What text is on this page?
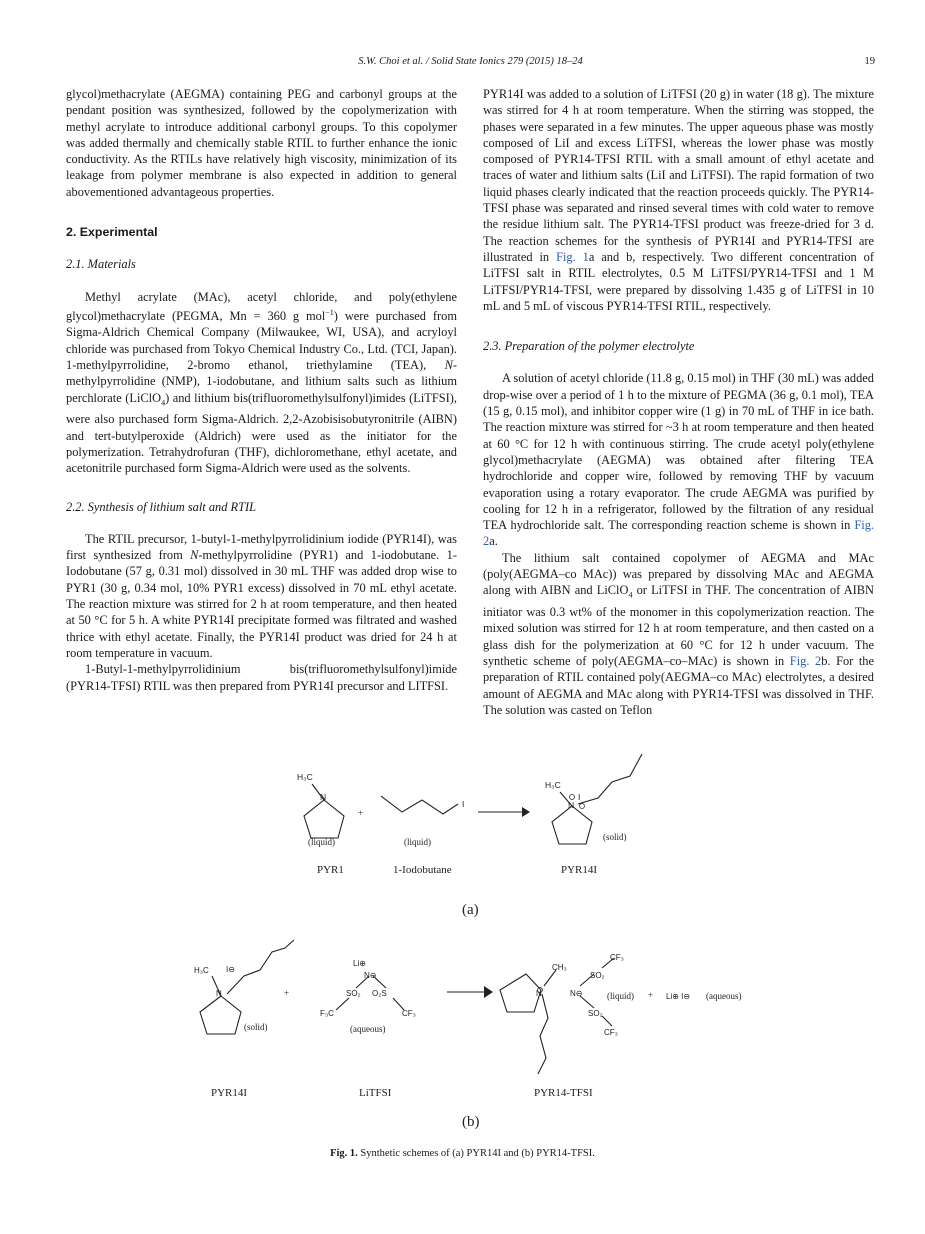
S.W. Choi et al. / Solid State Ionics 279 (2015) 18–24	19

glycol)methacrylate (AEGMA) containing PEG and carbonyl groups at the pendant position was synthesized, followed by the copolymerization with methyl acrylate to introduce additional carbonyl groups. To this copolymer was added thermally and chemically stable RTIL to further enhance the ionic conductivity. As the RTILs have relatively high viscosity, minimization of its leakage from polymer membrane is also expected in addition to general abovementioned advantageous properties.

2. Experimental
2.1. Materials

Methyl acrylate (MAc), acetyl chloride, and poly(ethylene glycol)methacrylate (PEGMA, Mn = 360 g mol$^{-1}$) were purchased from Sigma-Aldrich Chemical Company (Milwaukee, WI, USA), and acryloyl chloride was purchased from Tokyo Chemical Industry Co., Ltd. (TCI, Japan). 1-methylpyrrolidine, 2-bromo ethanol, triethylamine (TEA), N-methylpyrrolidine (NMP), 1-iodobutane, and lithium salts such as lithium perchlorate (LiClO$_4$) and lithium bis(trifluoromethylsulfonyl)imides (LiTFSI), were also purchased form Sigma-Aldrich. 2,2-Azobisisobutyronitrile (AIBN) and tert-butylperoxide (Aldrich) were used as the initiator for the polymerization. Tetrahydrofuran (THF), dichloromethane, ethyl acetate, and acetonitrile purchased form Sigma-Aldrich were used as the solvents.

2.2. Synthesis of lithium salt and RTIL

The RTIL precursor, 1-butyl-1-methylpyrrolidinium iodide (PYR14I), was first synthesized from N-methylpyrrolidine (PYR1) and 1-iodobutane. 1-Iodobutane (57 g, 0.31 mol) dissolved in 30 mL THF was added drop wise to PYR1 (30 g, 0.34 mol, 10% PYR1 excess) dissolved in 70 mL ethyl acetate. The reaction mixture was stirred for 2 h at room temperature, and then heated at 50 °C for 5 h. A white PYR14I precipitate formed was filtrated and washed thrice with ethyl acetate. Finally, the PYR14I product was dried for 24 h at room temperature in vacuum.

1-Butyl-1-methylpyrrolidinium bis(trifluoromethylsulfonyl)imide (PYR14-TFSI) RTIL was then prepared from PYR14I precursor and LITFSI.

PYR14I was added to a solution of LiTFSI (20 g) in water (18 g). The mixture was stirred for 4 h at room temperature. When the stirring was stopped, the phases were separated in a few minutes. The upper aqueous phase was mostly composed of LiI and excess LiTFSI, whereas the lower phase was mostly composed of PYR14-TFSI RTIL with a small amount of ethyl acetate and traces of water and lithium salts (LiI and LiTFSI). The rapid formation of two liquid phases clearly indicated that the reaction proceeds quickly. The PYR14-TFSI phase was separated and rinsed several times with cold water to remove the residue lithium salt. The PYR14-TFSI product was freeze-dried for 3 d. The reaction schemes for the synthesis of PYR14I and PYR14-TFSI are illustrated in Fig. 1a and b, respectively. Two different concentration of LiTFSI salt in RTIL electrolytes, 0.5 M LiTFSI/PYR14-TFSI and 1 M LiTFSI/PYR14-TFSI, were prepared by dissolving 1.435 g of LiTFSI in 10 mL and 5 mL of viscous PYR14-TFSI RTIL, respectively.

2.3. Preparation of the polymer electrolyte

A solution of acetyl chloride (11.8 g, 0.15 mol) in THF (30 mL) was added drop-wise over a period of 1 h to the mixture of PEGMA (36 g, 0.1 mol), TEA (15 g, 0.15 mol), and inhibitor copper wire (1 g) in 70 mL of THF in ice bath. The reaction mixture was stirred for ~3 h at room temperature and then heated at 60 °C for 12 h with continuous stirring. The crude acetyl poly(ethylene glycol)methacrylate (AEGMA) was obtained after filtering TEA hydrochloride and copper wire, followed by removing THF by vacuum evaporation using a rotary evaporator. The crude AEGMA was purified by cooling for 12 h in a refrigerator, followed by the filtration of any residual TEA hydrochloride salt. The corresponding reaction scheme is shown in Fig. 2a.

The lithium salt contained copolymer of AEGMA and MAc (poly(AEGMA–co MAc)) was prepared by dissolving MAc and AEGMA along with AIBN and LiClO$_4$ or LiTFSI in THF. The concentration of AIBN initiator was 0.3 wt% of the monomer in this copolymerization reaction. The mixed solution was stirred for 12 h at room temperature, and then casted on a glass dish for the polymerization at 60 °C for 12 h under vacuum. The synthetic scheme of poly(AEGMA–co–MAc) is shown in Fig. 2b. For the preparation of RTIL contained poly(AEGMA–co MAc) electrolytes, a desired amount of AEGMA and MAc along with PYR14-TFSI was dissolved in THF. The solution was casted on Teflon

H₃C
N
I
H₃C
N
I
+
(liquid)	(liquid)	(solid)
PYR1	1-Iodobutane	PYR14I
(a)
H₃C I⊖
N
Li⊕
N⊖
SO₂ O₂S
F₃C	CF₃
N
CH₃
N⊖
SO₂
CF₃
SO₂
CF₃
Li⊕ I⊖
(solid)
+
(aqueous)
(liquid) +	(aqueous)
PYR14I	LiTFSI	PYR14-TFSI
(b)
Fig. 1. Synthetic schemes of (a) PYR14I and (b) PYR14-TFSI.
